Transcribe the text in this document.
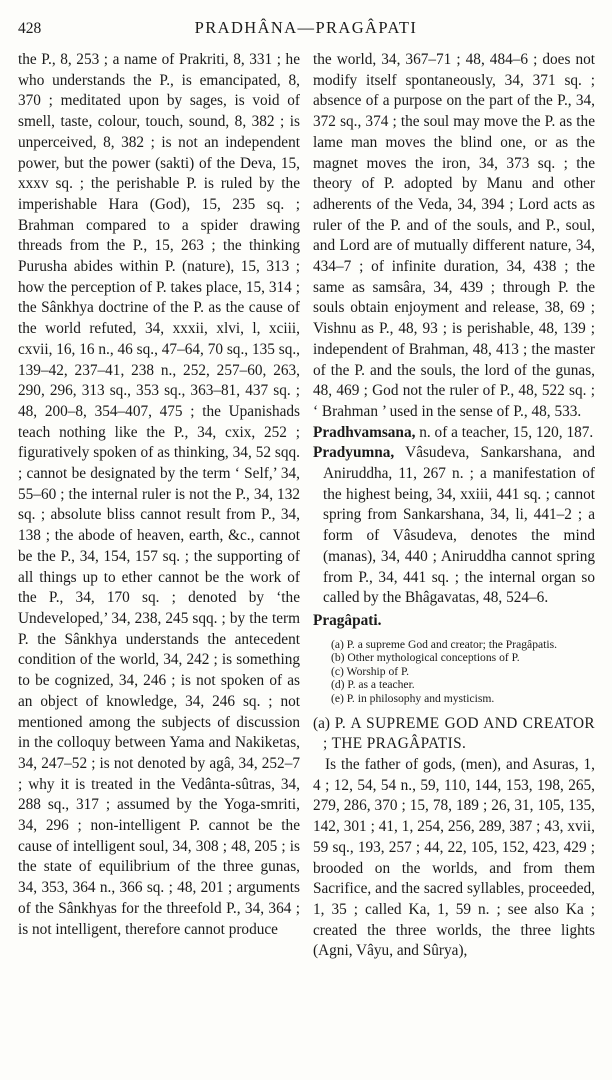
428	PRADHÂNA—PRAGÂPATI

the P., 8, 253 ; a name of Prakriti, 8, 331 ; he who understands the P., is emancipated, 8, 370 ; meditated upon by sages, is void of smell, taste, colour, touch, sound, 8, 382 ; is unperceived, 8, 382 ; is not an independent power, but the power (sakti) of the Deva, 15, xxxv sq. ; the perishable P. is ruled by the imperishable Hara (God), 15, 235 sq. ; Brahman compared to a spider drawing threads from the P., 15, 263 ; the thinking Purusha abides within P. (nature), 15, 313 ; how the perception of P. takes place, 15, 314 ; the Sânkhya doctrine of the P. as the cause of the world refuted, 34, xxxii, xlvi, l, xciii, cxvii, 16, 16 n., 46 sq., 47–64, 70 sq., 135 sq., 139–42, 237–41, 238 n., 252, 257–60, 263, 290, 296, 313 sq., 353 sq., 363–81, 437 sq. ; 48, 200–8, 354–407, 475 ; the Upanishads teach nothing like the P., 34, cxix, 252 ; figuratively spoken of as thinking, 34, 52 sqq. ; cannot be designated by the term ‘ Self,’ 34, 55–60 ; the internal ruler is not the P., 34, 132 sq. ; absolute bliss cannot result from P., 34, 138 ; the abode of heaven, earth, &c., cannot be the P., 34, 154, 157 sq. ; the supporting of all things up to ether cannot be the work of the P., 34, 170 sq. ; denoted by ‘the Undeveloped,’ 34, 238, 245 sqq. ; by the term P. the Sânkhya understands the antecedent condition of the world, 34, 242 ; is something to be cognized, 34, 246 ; is not spoken of as an object of knowledge, 34, 246 sq. ; not mentioned among the subjects of discussion in the colloquy between Yama and Nakiketas, 34, 247–52 ; is not denoted by agâ, 34, 252–7 ; why it is treated in the Vedânta-sûtras, 34, 288 sq., 317 ; assumed by the Yoga-smriti, 34, 296 ; non-intelligent P. cannot be the cause of intelligent soul, 34, 308 ; 48, 205 ; is the state of equilibrium of the three gunas, 34, 353, 364 n., 366 sq. ; 48, 201 ; arguments of the Sânkhyas for the threefold P., 34, 364 ; is not intelligent, therefore cannot produce

the world, 34, 367–71 ; 48, 484–6 ; does not modify itself spontaneously, 34, 371 sq. ; absence of a purpose on the part of the P., 34, 372 sq., 374 ; the soul may move the P. as the lame man moves the blind one, or as the magnet moves the iron, 34, 373 sq. ; the theory of P. adopted by Manu and other adherents of the Veda, 34, 394 ; Lord acts as ruler of the P. and of the souls, and P., soul, and Lord are of mutually different nature, 34, 434–7 ; of infinite duration, 34, 438 ; the same as samsâra, 34, 439 ; through P. the souls obtain enjoyment and release, 38, 69 ; Vishnu as P., 48, 93 ; is perishable, 48, 139 ; independent of Brahman, 48, 413 ; the master of the P. and the souls, the lord of the gunas, 48, 469 ; God not the ruler of P., 48, 522 sq. ; ‘ Brahman ’ used in the sense of P., 48, 533.

Pradhvamsana, n. of a teacher, 15, 120, 187.

Pradyumna, Vâsudeva, Sankarshana, and Aniruddha, 11, 267 n. ; a manifestation of the highest being, 34, xxiii, 441 sq. ; cannot spring from Sankarshana, 34, li, 441–2 ; a form of Vâsudeva, denotes the mind (manas), 34, 440 ; Aniruddha cannot spring from P., 34, 441 sq. ; the internal organ so called by the Bhâgavatas, 48, 524–6.

Pragâpati.

(a) P. a supreme God and creator; the Pragâpatis.
(b) Other mythological conceptions of P.
(c) Worship of P.
(d) P. as a teacher.
(e) P. in philosophy and mysticism.

(a) P. A SUPREME GOD AND CREATOR ; THE PRAGÂPATIS.

Is the father of gods, (men), and Asuras, 1, 4 ; 12, 54, 54 n., 59, 110, 144, 153, 198, 265, 279, 286, 370 ; 15, 78, 189 ; 26, 31, 105, 135, 142, 301 ; 41, 1, 254, 256, 289, 387 ; 43, xvii, 59 sq., 193, 257 ; 44, 22, 105, 152, 423, 429 ; brooded on the worlds, and from them Sacrifice, and the sacred syllables, proceeded, 1, 35 ; called Ka, 1, 59 n. ; see also Ka ; created the three worlds, the three lights (Agni, Vâyu, and Sûrya),
